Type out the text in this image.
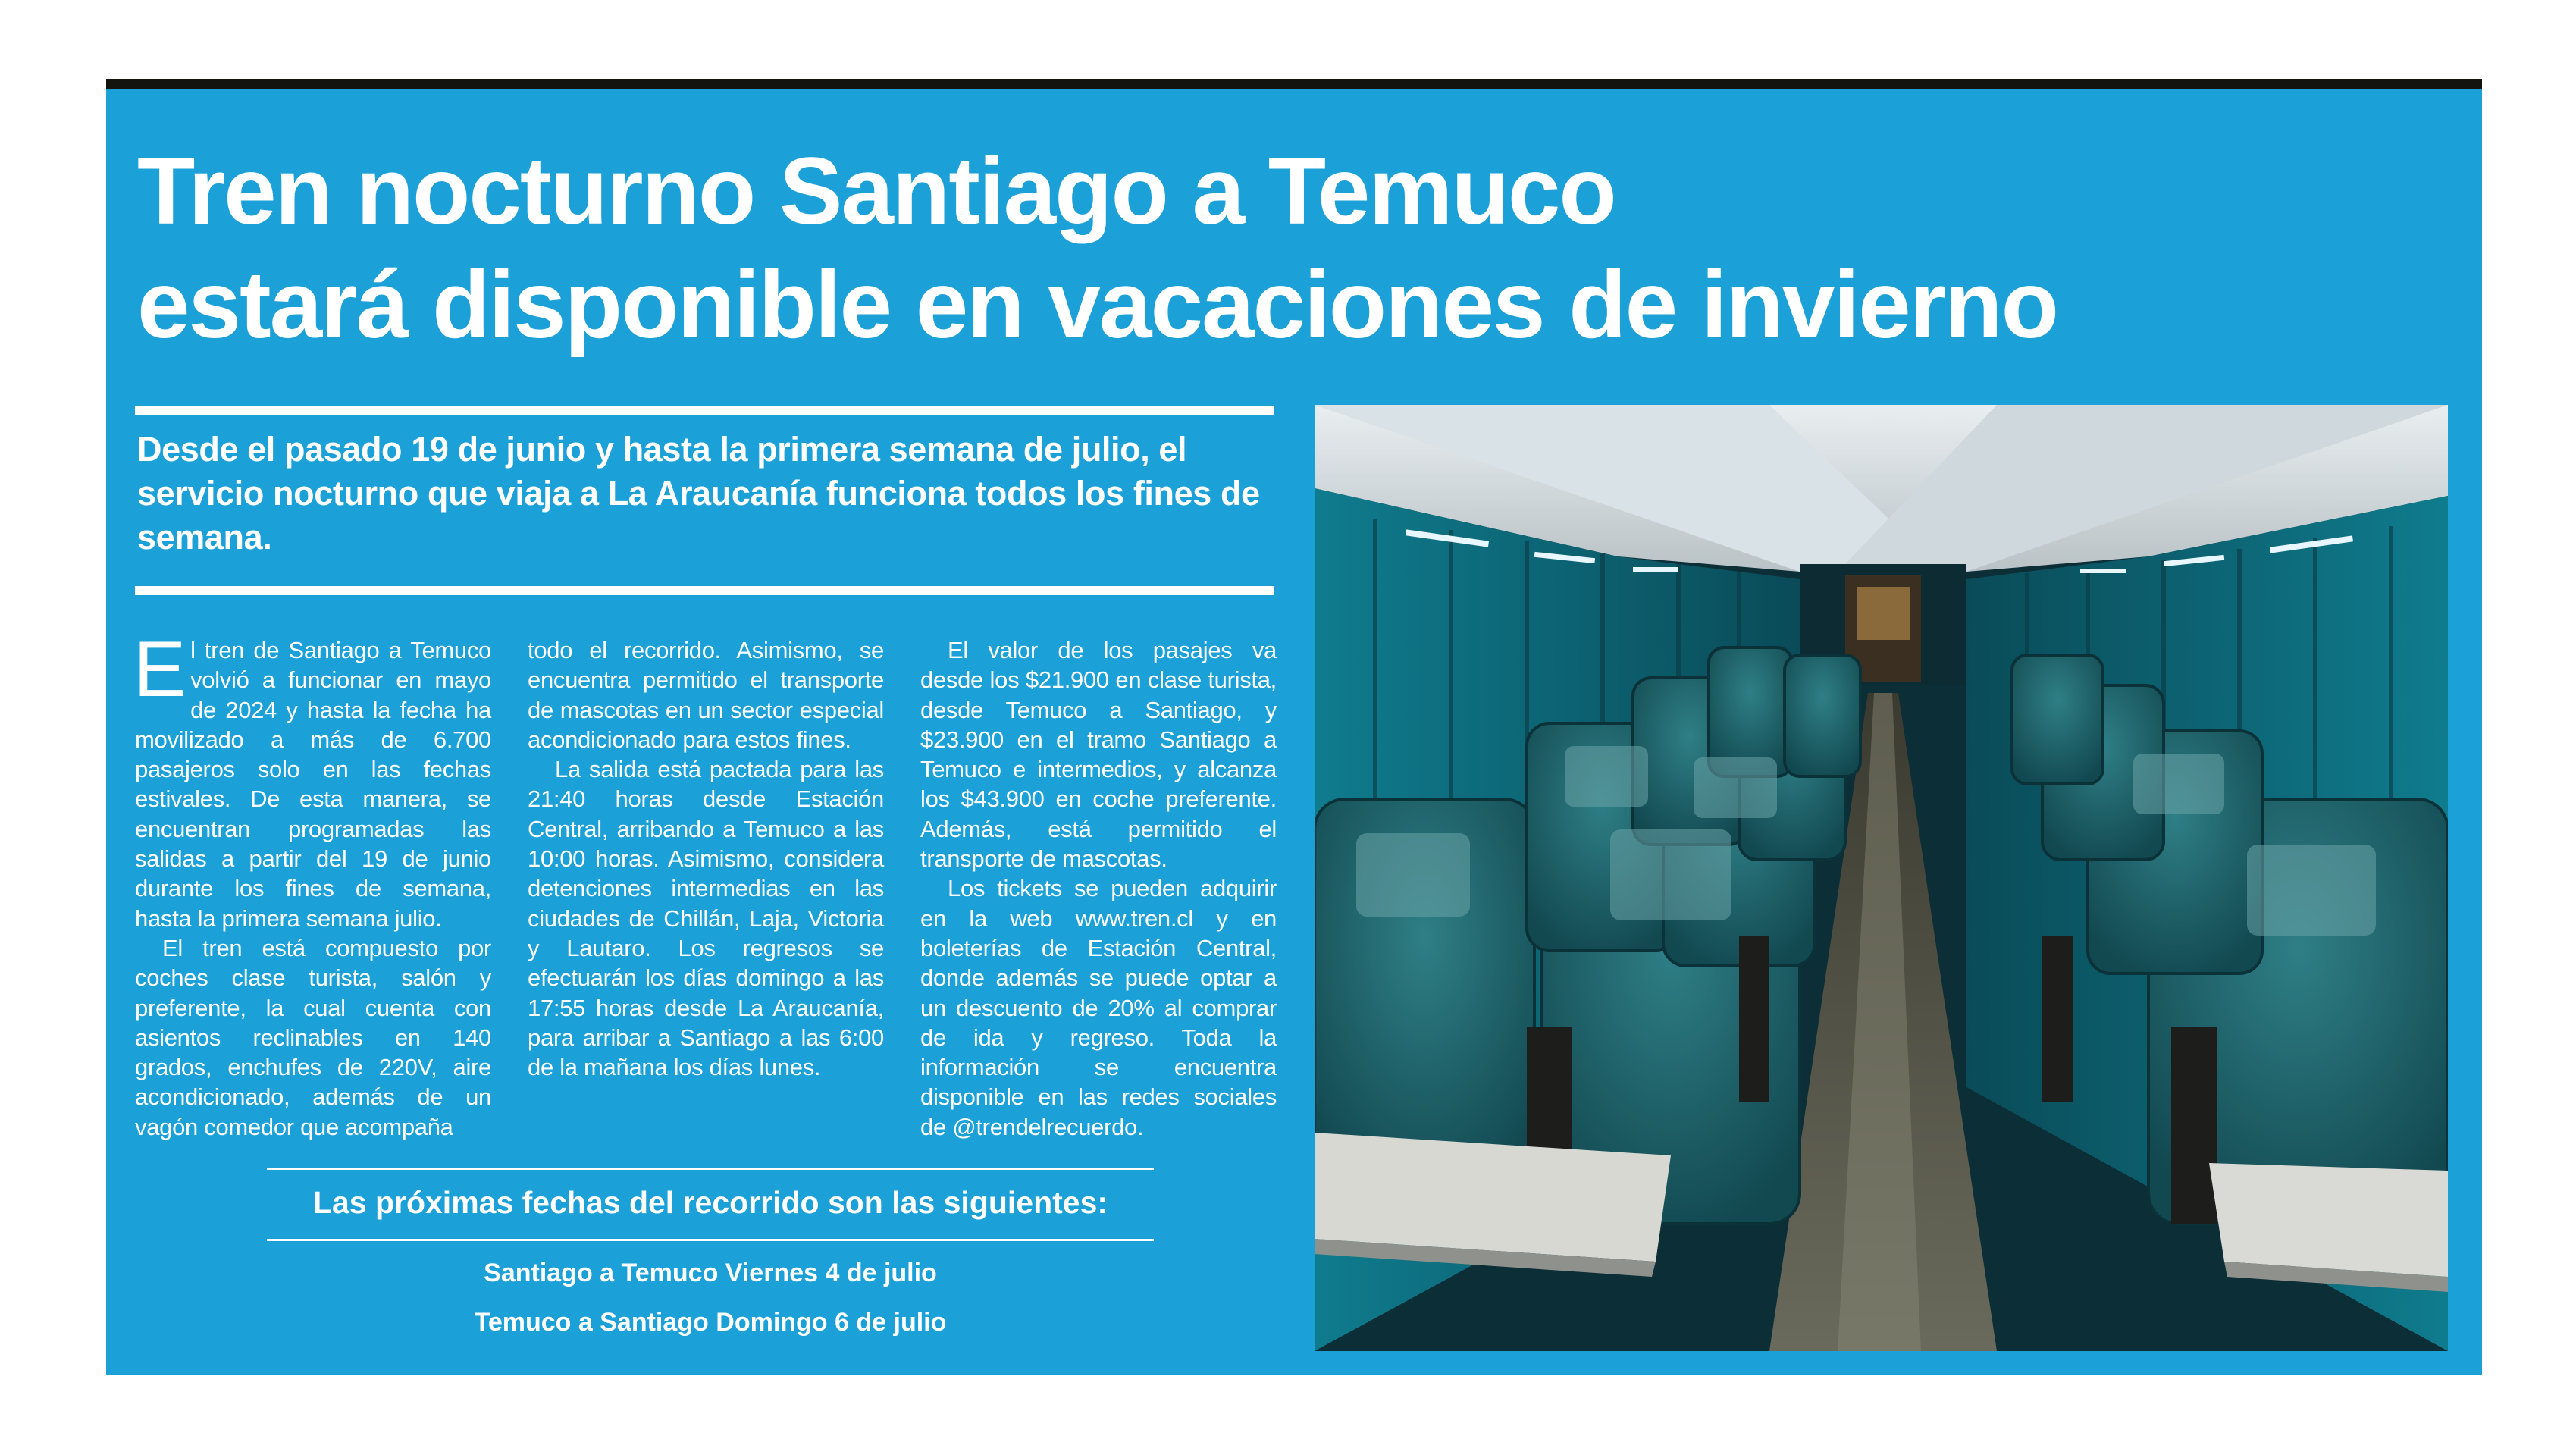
Tren nocturno Santiago a Temuco
estará disponible en vacaciones de invierno

Desde el pasado 19 de junio y hasta la primera semana de julio, el servicio nocturno que viaja a La Araucanía funciona todos los fines de semana.

El tren de Santiago a Temuco volvió a funcionar en mayo de 2024 y hasta la fecha ha movilizado a más de 6.700 pasajeros solo en las fechas estivales. De esta manera, se encuentran programadas las salidas a partir del 19 de junio durante los fines de semana, hasta la primera semana julio.

El tren está compuesto por coches clase turista, salón y preferente, la cual cuenta con asientos reclinables en 140 grados, enchufes de 220V, aire acondicionado, además de un vagón comedor que acompaña

todo el recorrido. Asimismo, se encuentra permitido el transporte de mascotas en un sector especial acondicionado para estos fines.

La salida está pactada para las 21:40 horas desde Estación Central, arribando a Temuco a las 10:00 horas. Asimismo, considera detenciones intermedias en las ciudades de Chillán, Laja, Victoria y Lautaro. Los regresos se efectuarán los días domingo a las 17:55 horas desde La Araucanía, para arribar a Santiago a las 6:00 de la mañana los días lunes.

El valor de los pasajes va desde los $21.900 en clase turista, desde Temuco a Santiago, y $23.900 en el tramo Santiago a Temuco e intermedios, y alcanza los $43.900 en coche preferente. Además, está permitido el transporte de mascotas.

Los tickets se pueden adquirir en la web www.tren.cl y en boleterías de Estación Central, donde además se puede optar a un descuento de 20% al comprar de ida y regreso. Toda la información se encuentra disponible en las redes sociales de @trendelrecuerdo.

Las próximas fechas del recorrido son las siguientes:

Santiago a Temuco Viernes 4 de julio

Temuco a Santiago Domingo 6 de julio
